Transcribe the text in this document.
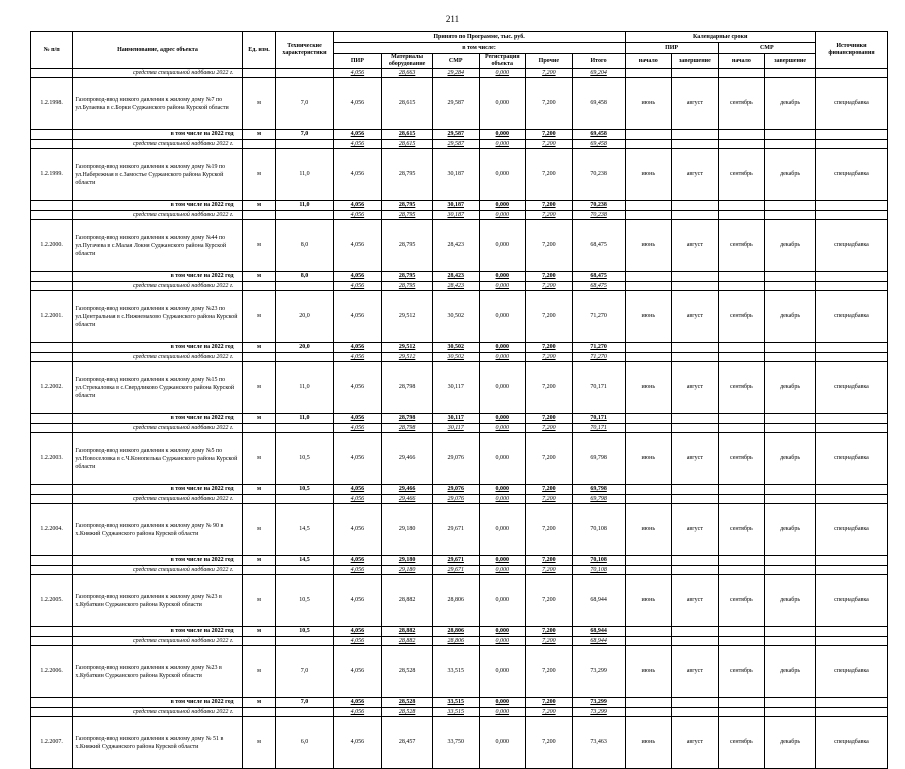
211
№ п/п	Наименование, адрес объекта	Ед. изм.	Технические характеристики	Принято по Программе, тыс. руб.						Календарные сроки				Источники финансирования
				в том числе:						ПИР		СМР		
				ПИР	Материалы оборудование	СМР	Регистрация объекта	Прочие	Итого	начало	завершение	начало	завершение	
	средства специальной надбавки 2022 г.			4,056	28,663	29,284	0,000	7,200	69,204					
1.2.1998.	Газопровод-ввод низкого давления к жилому дому №7 по ул.Булаевка в с.Борки Суджанского района Курской области	м	7,0	4,056	28,615	29,587	0,000	7,200	69,458	июнь	август	сентябрь	декабрь	спецнадбавка
	в том числе на 2022 год	м	7,0	4,056	28,615	29,587	0,000	7,200	69,458					
	средства специальной надбавки 2022 г.			4,056	28,615	29,587	0,000	7,200	69,458					
1.2.1999.	Газопровод-ввод низкого давления к жилому дому №19 по ул.Набережная в с.Замостье Суджанского района Курской области	м	11,0	4,056	28,795	30,187	0,000	7,200	70,238	июнь	август	сентябрь	декабрь	спецнадбавка
	в том числе на 2022 год	м	11,0	4,056	28,795	30,187	0,000	7,200	70,238					
	средства специальной надбавки 2022 г.			4,056	28,795	30,187	0,000	7,200	70,238					
1.2.2000.	Газопровод-ввод низкого давления к жилому дому №44 по ул.Пугачева в с.Малая Локня Суджанского района Курской области	м	8,0	4,056	28,795	28,423	0,000	7,200	68,475	июнь	август	сентябрь	декабрь	спецнадбавка
	в том числе на 2022 год	м	8,0	4,056	28,795	28,423	0,000	7,200	68,475					
	средства специальной надбавки 2022 г.			4,056	28,795	28,423	0,000	7,200	68,475					
1.2.2001.	Газопровод-ввод низкого давления к жилому дому №23 по ул.Центральная в с.Нижнемахово Суджанского района Курской области	м	20,0	4,056	29,512	30,502	0,000	7,200	71,270	июнь	август	сентябрь	декабрь	спецнадбавка
	в том числе на 2022 год	м	20,0	4,056	29,512	30,502	0,000	7,200	71,270					
	средства специальной надбавки 2022 г.			4,056	29,512	30,502	0,000	7,200	71,270					
1.2.2002.	Газопровод-ввод низкого давления к жилому дому №15 по ул.Стрекаловка в с.Свердликово Суджанского района Курской области	м	11,0	4,056	28,798	30,117	0,000	7,200	70,171	июнь	август	сентябрь	декабрь	спецнадбавка
	в том числе на 2022 год	м	11,0	4,056	28,798	30,117	0,000	7,200	70,171					
	средства специальной надбавки 2022 г.			4,056	28,798	30,117	0,000	7,200	70,171					
1.2.2003.	Газопровод-ввод низкого давления к жилому дому №5 по ул.Новоселовка в с.Ч.Конопелька Суджанского района Курской области	м	10,5	4,056	29,466	29,076	0,000	7,200	69,798	июнь	август	сентябрь	декабрь	спецнадбавка
	в том числе на 2022 год	м	10,5	4,056	29,466	29,076	0,000	7,200	69,798					
	средства специальной надбавки 2022 г.			4,056	29,466	29,076	0,000	7,200	69,798					
1.2.2004.	Газопровод-ввод низкого давления к жилому дому № 90 в х.Княжий Суджанского района Курской области	м	14,5	4,056	29,180	29,671	0,000	7,200	70,108	июнь	август	сентябрь	декабрь	спецнадбавка
	в том числе на 2022 год	м	14,5	4,056	29,180	29,671	0,000	7,200	70,108					
	средства специальной надбавки 2022 г.			4,056	29,180	29,671	0,000	7,200	70,108					
1.2.2005.	Газопровод-ввод низкого давления к жилому дому №23 в х.Кубаткин Суджанского района Курской области	м	10,5	4,056	28,882	28,806	0,000	7,200	68,944	июнь	август	сентябрь	декабрь	спецнадбавка
	в том числе на 2022 год	м	10,5	4,056	28,882	28,806	0,000	7,200	68,944					
	средства специальной надбавки 2022 г.			4,056	28,882	28,806	0,000	7,200	68,944					
1.2.2006.	Газопровод-ввод низкого давления к жилому дому №23 в х.Кубаткин Суджанского района Курской области	м	7,0	4,056	28,528	33,515	0,000	7,200	73,299	июнь	август	сентябрь	декабрь	спецнадбавка
	в том числе на 2022 год	м	7,0	4,056	28,528	33,515	0,000	7,200	73,299					
	средства специальной надбавки 2022 г.			4,056	28,528	33,515	0,000	7,200	73,299					
1.2.2007.	Газопровод-ввод низкого давления к жилому дому № 51 в х.Княжий Суджанского района Курской области	м	6,0	4,056	28,457	33,750	0,000	7,200	73,463	июнь	август	сентябрь	декабрь	спецнадбавка
